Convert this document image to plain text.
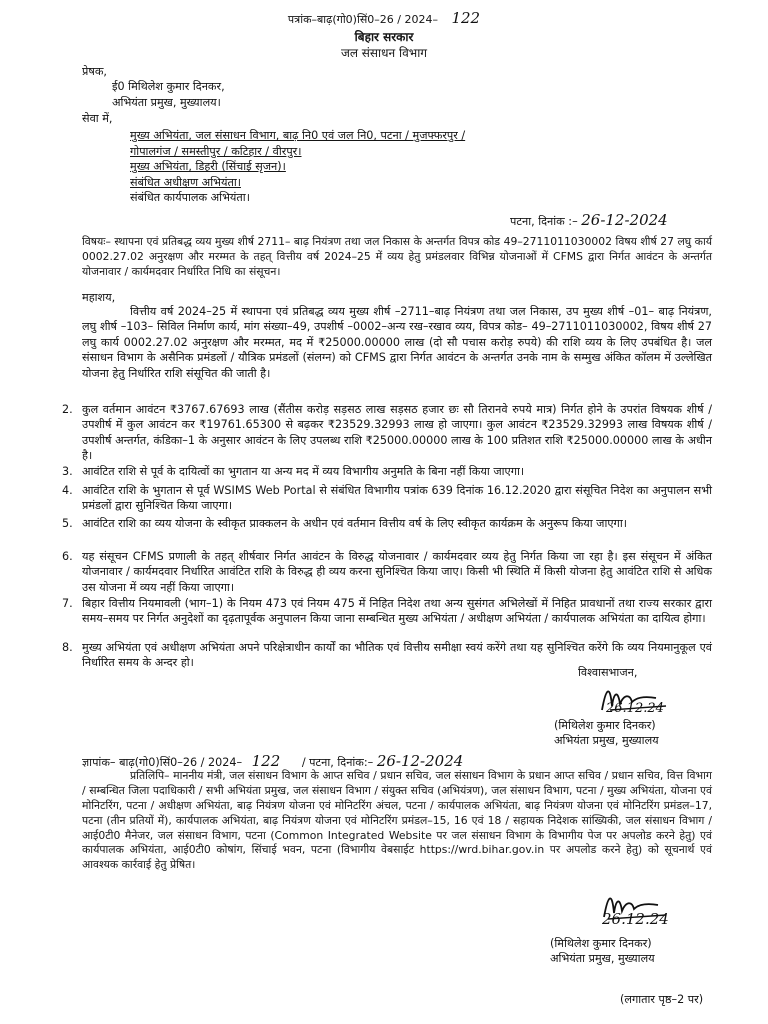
पत्रांक–बाढ़(गो0)सिं0–26 / 2024– 122
बिहार सरकार
जल संसाधन विभाग
प्रेषक,
ई0 मिथिलेश कुमार दिनकर,
अभियंता प्रमुख, मुख्यालय।
सेवा में,
मुख्य अभियंता, जल संसाधन विभाग, बाढ़ नि0 एवं जल नि0, पटना / मुजफ्फरपुर /
गोपालगंज / समस्तीपुर / कटिहार / वीरपुर।
मुख्य अभियंता, डिहरी (सिंचाई सृजन)।
संबंधित अधीक्षण अभियंता।
संबंधित कार्यपालक अभियंता।
पटना, दिनांक :– 26-12-2024
विषयः– स्थापना एवं प्रतिबद्ध व्यय मुख्य शीर्ष 2711– बाढ़ नियंत्रण तथा जल निकास के अन्तर्गत विपत्र कोड 49–2711011030002 विषय शीर्ष 27 लघु कार्य 0002.27.02 अनुरक्षण और मरम्मत के तहत् वित्तीय वर्ष 2024–25 में व्यय हेतु प्रमंडलवार विभिन्न योजनाओं में CFMS द्वारा निर्गत आवंटन के अन्तर्गत योजनावार / कार्यमदवार निर्धारित निधि का संसूचन।
महाशय,
वित्तीय वर्ष 2024–25 में स्थापना एवं प्रतिबद्ध व्यय मुख्य शीर्ष –2711–बाढ़ नियंत्रण तथा जल निकास, उप मुख्य शीर्ष –01– बाढ़ नियंत्रण, लघु शीर्ष –103– सिविल निर्माण कार्य, मांग संख्या–49, उपशीर्ष –0002–अन्य रख–रखाव व्यय, विपत्र कोड– 49–2711011030002, विषय शीर्ष 27 लघु कार्य 0002.27.02 अनुरक्षण और मरम्मत, मद में ₹25000.00000 लाख (दो सौ पचास करोड़ रुपये) की राशि व्यय के लिए उपबंधित है। जल संसाधन विभाग के असैनिक प्रमंडलों / यौत्रिक प्रमंडलों (संलग्न) को CFMS द्वारा निर्गत आवंटन के अन्तर्गत उनके नाम के सम्मुख अंकित कॉलम में उल्लेखित योजना हेतु निर्धारित राशि संसूचित की जाती है।
2. कुल वर्तमान आवंटन ₹3767.67693 लाख (सैंतीस करोड़ सड़सठ लाख सड़सठ हजार छः सौ तिरानवे रुपये मात्र) निर्गत होने के उपरांत विषयक शीर्ष / उपशीर्ष में कुल आवंटन कर ₹19761.65300 से बढ़कर ₹23529.32993 लाख हो जाएगा। कुल आवंटन ₹23529.32993 लाख विषयक शीर्ष / उपशीर्ष अन्तर्गत, कंडिका–1 के अनुसार आवंटन के लिए उपलब्ध राशि ₹25000.00000 लाख के 100 प्रतिशत राशि ₹25000.00000 लाख के अधीन है।
3. आवंटित राशि से पूर्व के दायित्वों का भुगतान या अन्य मद में व्यय विभागीय अनुमति के बिना नहीं किया जाएगा।
4. आवंटित राशि के भुगतान से पूर्व WSIMS Web Portal से संबंधित विभागीय पत्रांक 639 दिनांक 16.12.2020 द्वारा संसूचित निदेश का अनुपालन सभी प्रमंडलों द्वारा सुनिश्चित किया जाएगा।
5. आवंटित राशि का व्यय योजना के स्वीकृत प्राक्कलन के अधीन एवं वर्तमान वित्तीय वर्ष के लिए स्वीकृत कार्यक्रम के अनुरूप किया जाएगा।
6. यह संसूचन CFMS प्रणाली के तहत् शीर्षवार निर्गत आवंटन के विरुद्ध योजनावार / कार्यमदवार व्यय हेतु निर्गत किया जा रहा है। इस संसूचन में अंकित योजनावार / कार्यमदवार निर्धारित आवंटित राशि के विरुद्ध ही व्यय करना सुनिश्चित किया जाए। किसी भी स्थिति में किसी योजना हेतु आवंटित राशि से अधिक उस योजना में व्यय नहीं किया जाएगा।
7. बिहार वित्तीय नियमावली (भाग–1) के नियम 473 एवं नियम 475 में निहित निदेश तथा अन्य सुसंगत अभिलेखों में निहित प्रावधानों तथा राज्य सरकार द्वारा समय–समय पर निर्गत अनुदेशों का दृढ़तापूर्वक अनुपालन किया जाना सम्बन्धित मुख्य अभियंता / अधीक्षण अभियंता / कार्यपालक अभियंता का दायित्व होगा।
8. मुख्य अभियंता एवं अधीक्षण अभियंता अपने परिक्षेत्राधीन कार्यों का भौतिक एवं वित्तीय समीक्षा स्वयं करेंगे तथा यह सुनिश्चित करेंगे कि व्यय नियमानुकूल एवं निर्धारित समय के अन्दर हो।
विश्वासभाजन,
26.12.24
(मिथिलेश कुमार दिनकर)
अभियंता प्रमुख, मुख्यालय
ज्ञापांक– बाढ़(गो0)सिं0–26 / 2024– 122 / पटना, दिनांक:– 26-12-2024
प्रतिलिपि– माननीय मंत्री, जल संसाधन विभाग के आप्त सचिव / प्रधान सचिव, जल संसाधन विभाग के प्रधान आप्त सचिव / प्रधान सचिव, वित्त विभाग / सम्बन्धित जिला पदाधिकारी / सभी अभियंता प्रमुख, जल संसाधन विभाग / संयुक्त सचिव (अभियंत्रण), जल संसाधन विभाग, पटना / मुख्य अभियंता, योजना एवं मोनिटरिंग, पटना / अधीक्षण अभियंता, बाढ़ नियंत्रण योजना एवं मोनिटरिंग अंचल, पटना / कार्यपालक अभियंता, बाढ़ नियंत्रण योजना एवं मोनिटरिंग प्रमंडल–17, पटना (तीन प्रतियों में), कार्यपालक अभियंता, बाढ़ नियंत्रण योजना एवं मोनिटरिंग प्रमंडल–15, 16 एवं 18 / सहायक निदेशक सांख्यिकी, जल संसाधन विभाग / आई0टी0 मैनेजर, जल संसाधन विभाग, पटना (Common Integrated Website पर जल संसाधन विभाग के विभागीय पेज पर अपलोड करने हेतु) एवं कार्यपालक अभियंता, आई0टी0 कोषांग, सिंचाई भवन, पटना (विभागीय वेबसाईट https://wrd.bihar.gov.in पर अपलोड करने हेतु) को सूचनार्थ एवं आवश्यक कार्रवाई हेतु प्रेषित।
26.12.24
(मिथिलेश कुमार दिनकर)
अभियंता प्रमुख, मुख्यालय
(लगातार पृष्ठ–2 पर)
